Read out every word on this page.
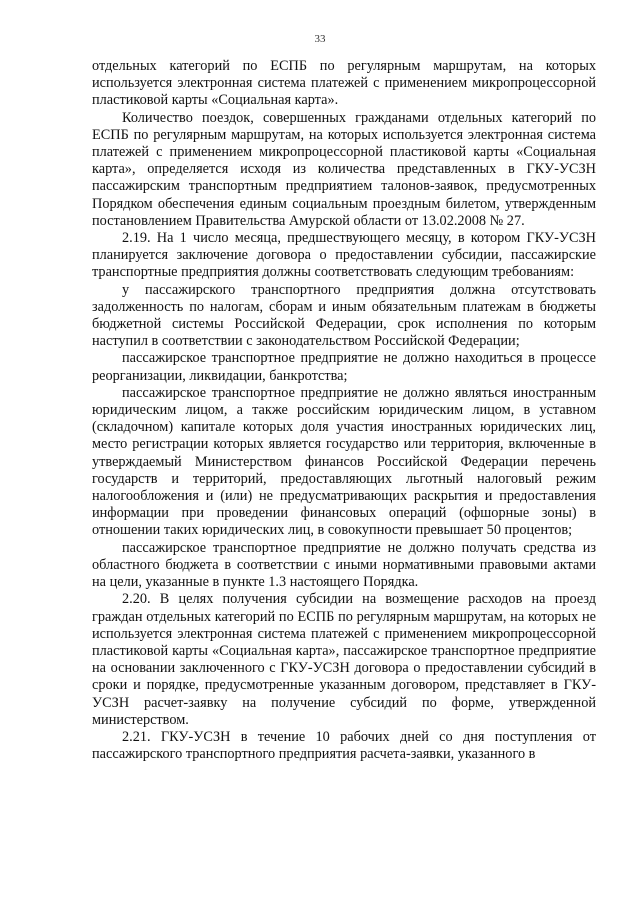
33

отдельных категорий по ЕСПБ по регулярным маршрутам, на которых используется электронная система платежей с применением микропроцессорной пластиковой карты «Социальная карта».

Количество поездок, совершенных гражданами отдельных категорий по ЕСПБ по регулярным маршрутам, на которых используется электронная система платежей с применением микропроцессорной пластиковой карты «Социальная карта», определяется исходя из количества представленных в ГКУ-УСЗН пассажирским транспортным предприятием талонов-заявок, предусмотренных Порядком обеспечения единым социальным проездным билетом, утвержденным постановлением Правительства Амурской области от 13.02.2008 № 27.

2.19. На 1 число месяца, предшествующего месяцу, в котором ГКУ-УСЗН планируется заключение договора о предоставлении субсидии, пассажирские транспортные предприятия должны соответствовать следующим требованиям:

у пассажирского транспортного предприятия должна отсутствовать задолженность по налогам, сборам и иным обязательным платежам в бюджеты бюджетной системы Российской Федерации, срок исполнения по которым наступил в соответствии с законодательством Российской Федерации;

пассажирское транспортное предприятие не должно находиться в процессе реорганизации, ликвидации, банкротства;

пассажирское транспортное предприятие не должно являться иностранным юридическим лицом, а также российским юридическим лицом, в уставном (складочном) капитале которых доля участия иностранных юридических лиц, место регистрации которых является государство или территория, включенные в утверждаемый Министерством финансов Российской Федерации перечень государств и территорий, предоставляющих льготный налоговый режим налогообложения и (или) не предусматривающих раскрытия и предоставления информации при проведении финансовых операций (офшорные зоны) в отношении таких юридических лиц, в совокупности превышает 50 процентов;

пассажирское транспортное предприятие не должно получать средства из областного бюджета в соответствии с иными нормативными правовыми актами на цели, указанные в пункте 1.3 настоящего Порядка.

2.20. В целях получения субсидии на возмещение расходов на проезд граждан отдельных категорий по ЕСПБ по регулярным маршрутам, на которых не используется электронная система платежей с применением микропроцессорной пластиковой карты «Социальная карта», пассажирское транспортное предприятие на основании заключенного с ГКУ-УСЗН договора о предоставлении субсидий в сроки и порядке, предусмотренные указанным договором, представляет в ГКУ-УСЗН расчет-заявку на получение субсидий по форме, утвержденной министерством.

2.21. ГКУ-УСЗН в течение 10 рабочих дней со дня поступления от пассажирского транспортного предприятия расчета-заявки, указанного в
